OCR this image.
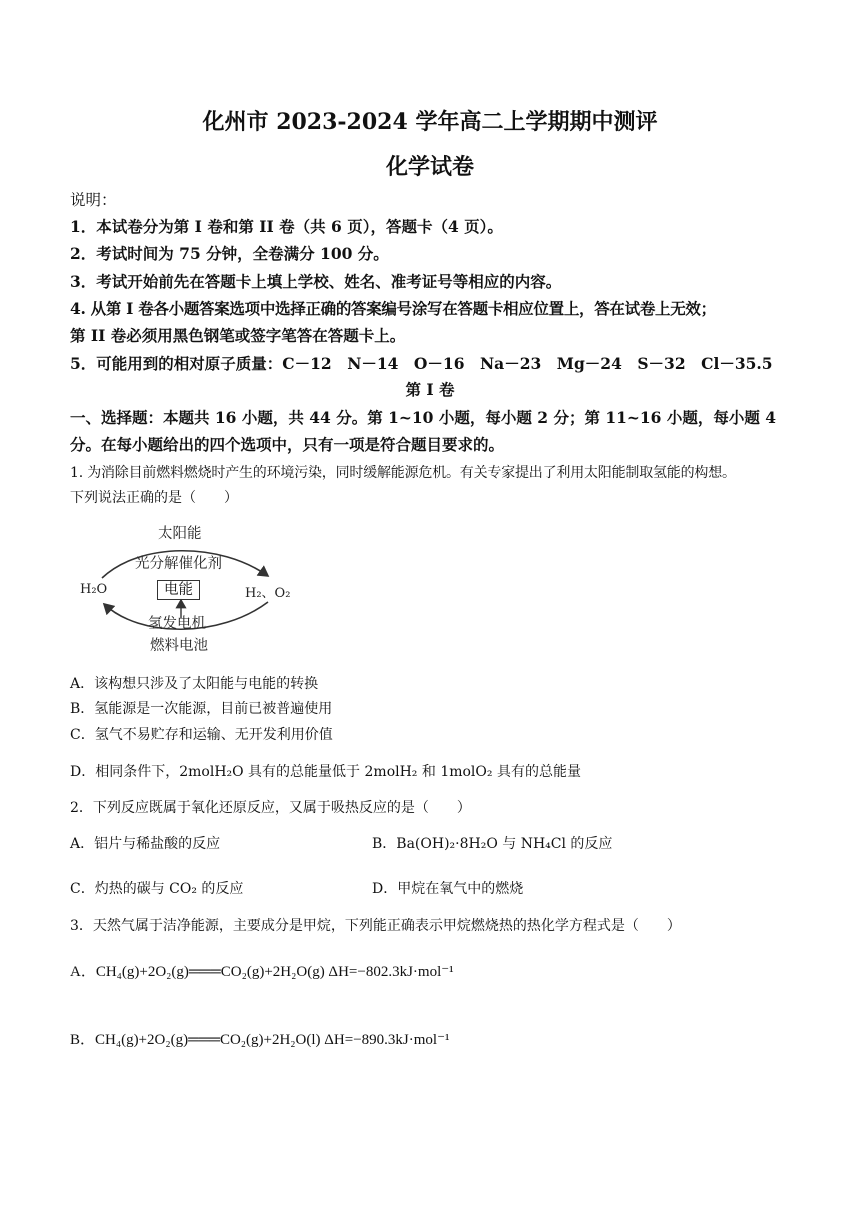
化州市 2023-2024 学年高二上学期期中测评
化学试卷
说明：
1．本试卷分为第 I 卷和第 II 卷（共 6 页），答题卡（4 页）。
2．考试时间为 75 分钟，全卷满分 100 分。
3．考试开始前先在答题卡上填上学校、姓名、准考证号等相应的内容。
4. 从第 I 卷各小题答案选项中选择正确的答案编号涂写在答题卡相应位置上，答在试卷上无效；
第 II 卷必须用黑色钢笔或签字笔答在答题卡上。
5．可能用到的相对原子质量：C－12　N－14　O－16　Na－23　Mg－24　S－32　Cl－35.5
第 I 卷
一、选择题：本题共 16 小题，共 44 分。第 1~10 小题，每小题 2 分；第 11~16 小题，每小题 4
分。在每小题给出的四个选项中，只有一项是符合题目要求的。
1. 为消除目前燃料燃烧时产生的环境污染，同时缓解能源危机。有关专家提出了利用太阳能制取氢能的构想。
下列说法正确的是（　　）
太阳能
光分解催化剂
H₂O	H₂、O₂
电能
氢发电机
燃料电池
A．该构想只涉及了太阳能与电能的转换
B．氢能源是一次能源，目前已被普遍使用
C．氢气不易贮存和运输、无开发利用价值
D．相同条件下，2molH₂O 具有的总能量低于 2molH₂ 和 1molO₂ 具有的总能量
2．下列反应既属于氧化还原反应，又属于吸热反应的是（　　）
A．铝片与稀盐酸的反应	B．Ba(OH)₂·8H₂O 与 NH₄Cl 的反应
C．灼热的碳与 CO₂ 的反应	D．甲烷在氧气中的燃烧
3．天然气属于洁净能源，主要成分是甲烷，下列能正确表示甲烷燃烧热的热化学方程式是（　　）
A．CH₄(g)+2O₂(g)═══CO₂(g)+2H₂O(g) ΔH=−802.3kJ·mol⁻¹
B．CH₄(g)+2O₂(g)═══CO₂(g)+2H₂O(l) ΔH=−890.3kJ·mol⁻¹
